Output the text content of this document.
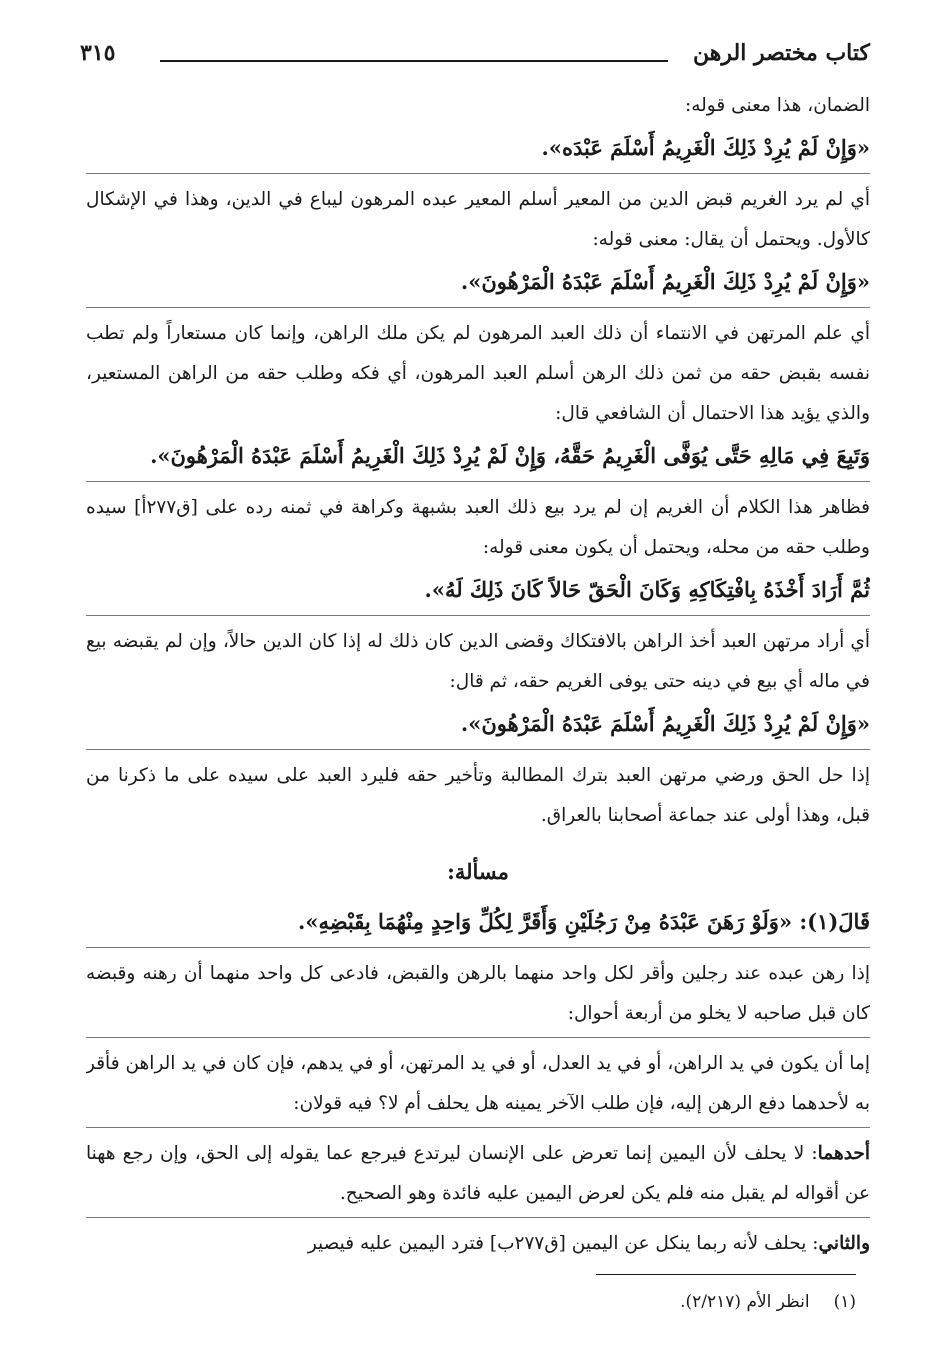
كتاب مختصر الرهن
٣١٥

الضمان، هذا معنى قوله:

«وَإِنْ لَمْ يُرِدْ ذَلِكَ الْغَرِيمُ أَسْلَمَ عَبْدَه».

أي لم يرد الغريم قبض الدين من المعير أسلم المعير عبده المرهون ليباع في الدين، وهذا في الإشكال كالأول. ويحتمل أن يقال: معنى قوله:

«وَإِنْ لَمْ يُرِدْ ذَلِكَ الْغَرِيمُ أَسْلَمَ عَبْدَهُ الْمَرْهُونَ».

أي علم المرتهن في الانتماء أن ذلك العبد المرهون لم يكن ملك الراهن، وإنما كان مستعاراً ولم تطب نفسه بقبض حقه من ثمن ذلك الرهن أسلم العبد المرهون، أي فكه وطلب حقه من الراهن المستعير، والذي يؤيد هذا الاحتمال أن الشافعي قال:

وَتَبِعَ فِي مَالِهِ حَتَّى يُوَفَّى الْغَرِيمُ حَقَّهُ، وَإِنْ لَمْ يُرِدْ ذَلِكَ الْغَرِيمُ أَسْلَمَ عَبْدَهُ الْمَرْهُونَ».

فظاهر هذا الكلام أن الغريم إن لم يرد بيع ذلك العبد بشبهة وكراهة في ثمنه رده على [ق٢٧٧أ] سيده وطلب حقه من محله، ويحتمل أن يكون معنى قوله:

ثُمَّ أَرَادَ أَخْذَهُ بِافْتِكَاكِهِ وَكَانَ الْحَقّ حَالاً كَانَ ذَلِكَ لَهُ».

أي أراد مرتهن العبد أخذ الراهن بالافتكاك وقضى الدين كان ذلك له إذا كان الدين حالاً، وإن لم يقبضه بيع في ماله أي بيع في دينه حتى يوفى الغريم حقه، ثم قال:

«وَإِنْ لَمْ يُرِدْ ذَلِكَ الْغَرِيمُ أَسْلَمَ عَبْدَهُ الْمَرْهُونَ».

إذا حل الحق ورضي مرتهن العبد بترك المطالبة وتأخير حقه فليرد العبد على سيده على ما ذكرنا من قبل، وهذا أولى عند جماعة أصحابنا بالعراق.

مسألة:

قَالَ(١): «وَلَوْ رَهَنَ عَبْدَهُ مِنْ رَجُلَيْنِ وَأَقَرَّ لِكُلِّ وَاحِدٍ مِنْهُمَا بِقَبْضِهِ».

إذا رهن عبده عند رجلين وأقر لكل واحد منهما بالرهن والقبض، فادعى كل واحد منهما أن رهنه وقبضه كان قبل صاحبه لا يخلو من أربعة أحوال:

إما أن يكون في يد الراهن، أو في يد العدل، أو في يد المرتهن، أو في يدهم، فإن كان في يد الراهن فأقر به لأحدهما دفع الرهن إليه، فإن طلب الآخر يمينه هل يحلف أم لا؟ فيه قولان:

أحدهما: لا يحلف لأن اليمين إنما تعرض على الإنسان ليرتدع فيرجع عما يقوله إلى الحق، وإن رجع ههنا عن أقواله لم يقبل منه فلم يكن لعرض اليمين عليه فائدة وهو الصحيح.

والثاني: يحلف لأنه ربما ينكل عن اليمين [ق٢٧٧ب] فترد اليمين عليه فيصير

(١)انظر الأم (٢/٢١٧).
